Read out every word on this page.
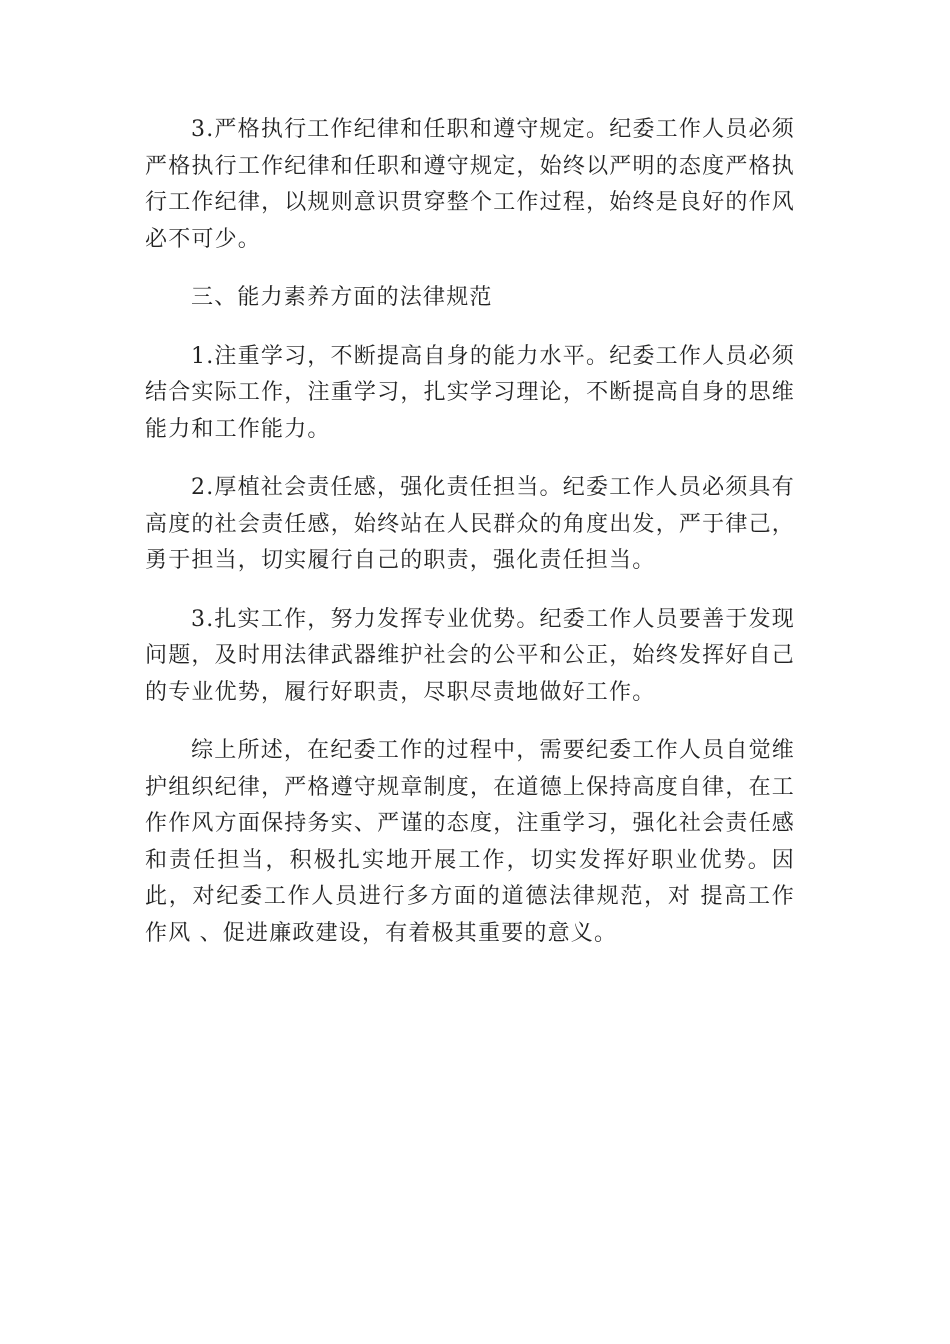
3.严格执行工作纪律和任职和遵守规定。纪委工作人员必须严格执行工作纪律和任职和遵守规定，始终以严明的态度严格执行工作纪律，以规则意识贯穿整个工作过程，始终是良好的作风必不可少。

三、能力素养方面的法律规范

1.注重学习，不断提高自身的能力水平。纪委工作人员必须结合实际工作，注重学习，扎实学习理论，不断提高自身的思维能力和工作能力。

2.厚植社会责任感，强化责任担当。纪委工作人员必须具有高度的社会责任感，始终站在人民群众的角度出发，严于律己，勇于担当，切实履行自己的职责，强化责任担当。

3.扎实工作，努力发挥专业优势。纪委工作人员要善于发现问题，及时用法律武器维护社会的公平和公正，始终发挥好自己的专业优势，履行好职责，尽职尽责地做好工作。

综上所述，在纪委工作的过程中，需要纪委工作人员自觉维护组织纪律，严格遵守规章制度，在道德上保持高度自律，在工作作风方面保持务实、严谨的态度，注重学习，强化社会责任感和责任担当，积极扎实地开展工作，切实发挥好职业优势。因此，对纪委工作人员进行多方面的道德法律规范，对 提高工作作风 、促进廉政建设，有着极其重要的意义。
